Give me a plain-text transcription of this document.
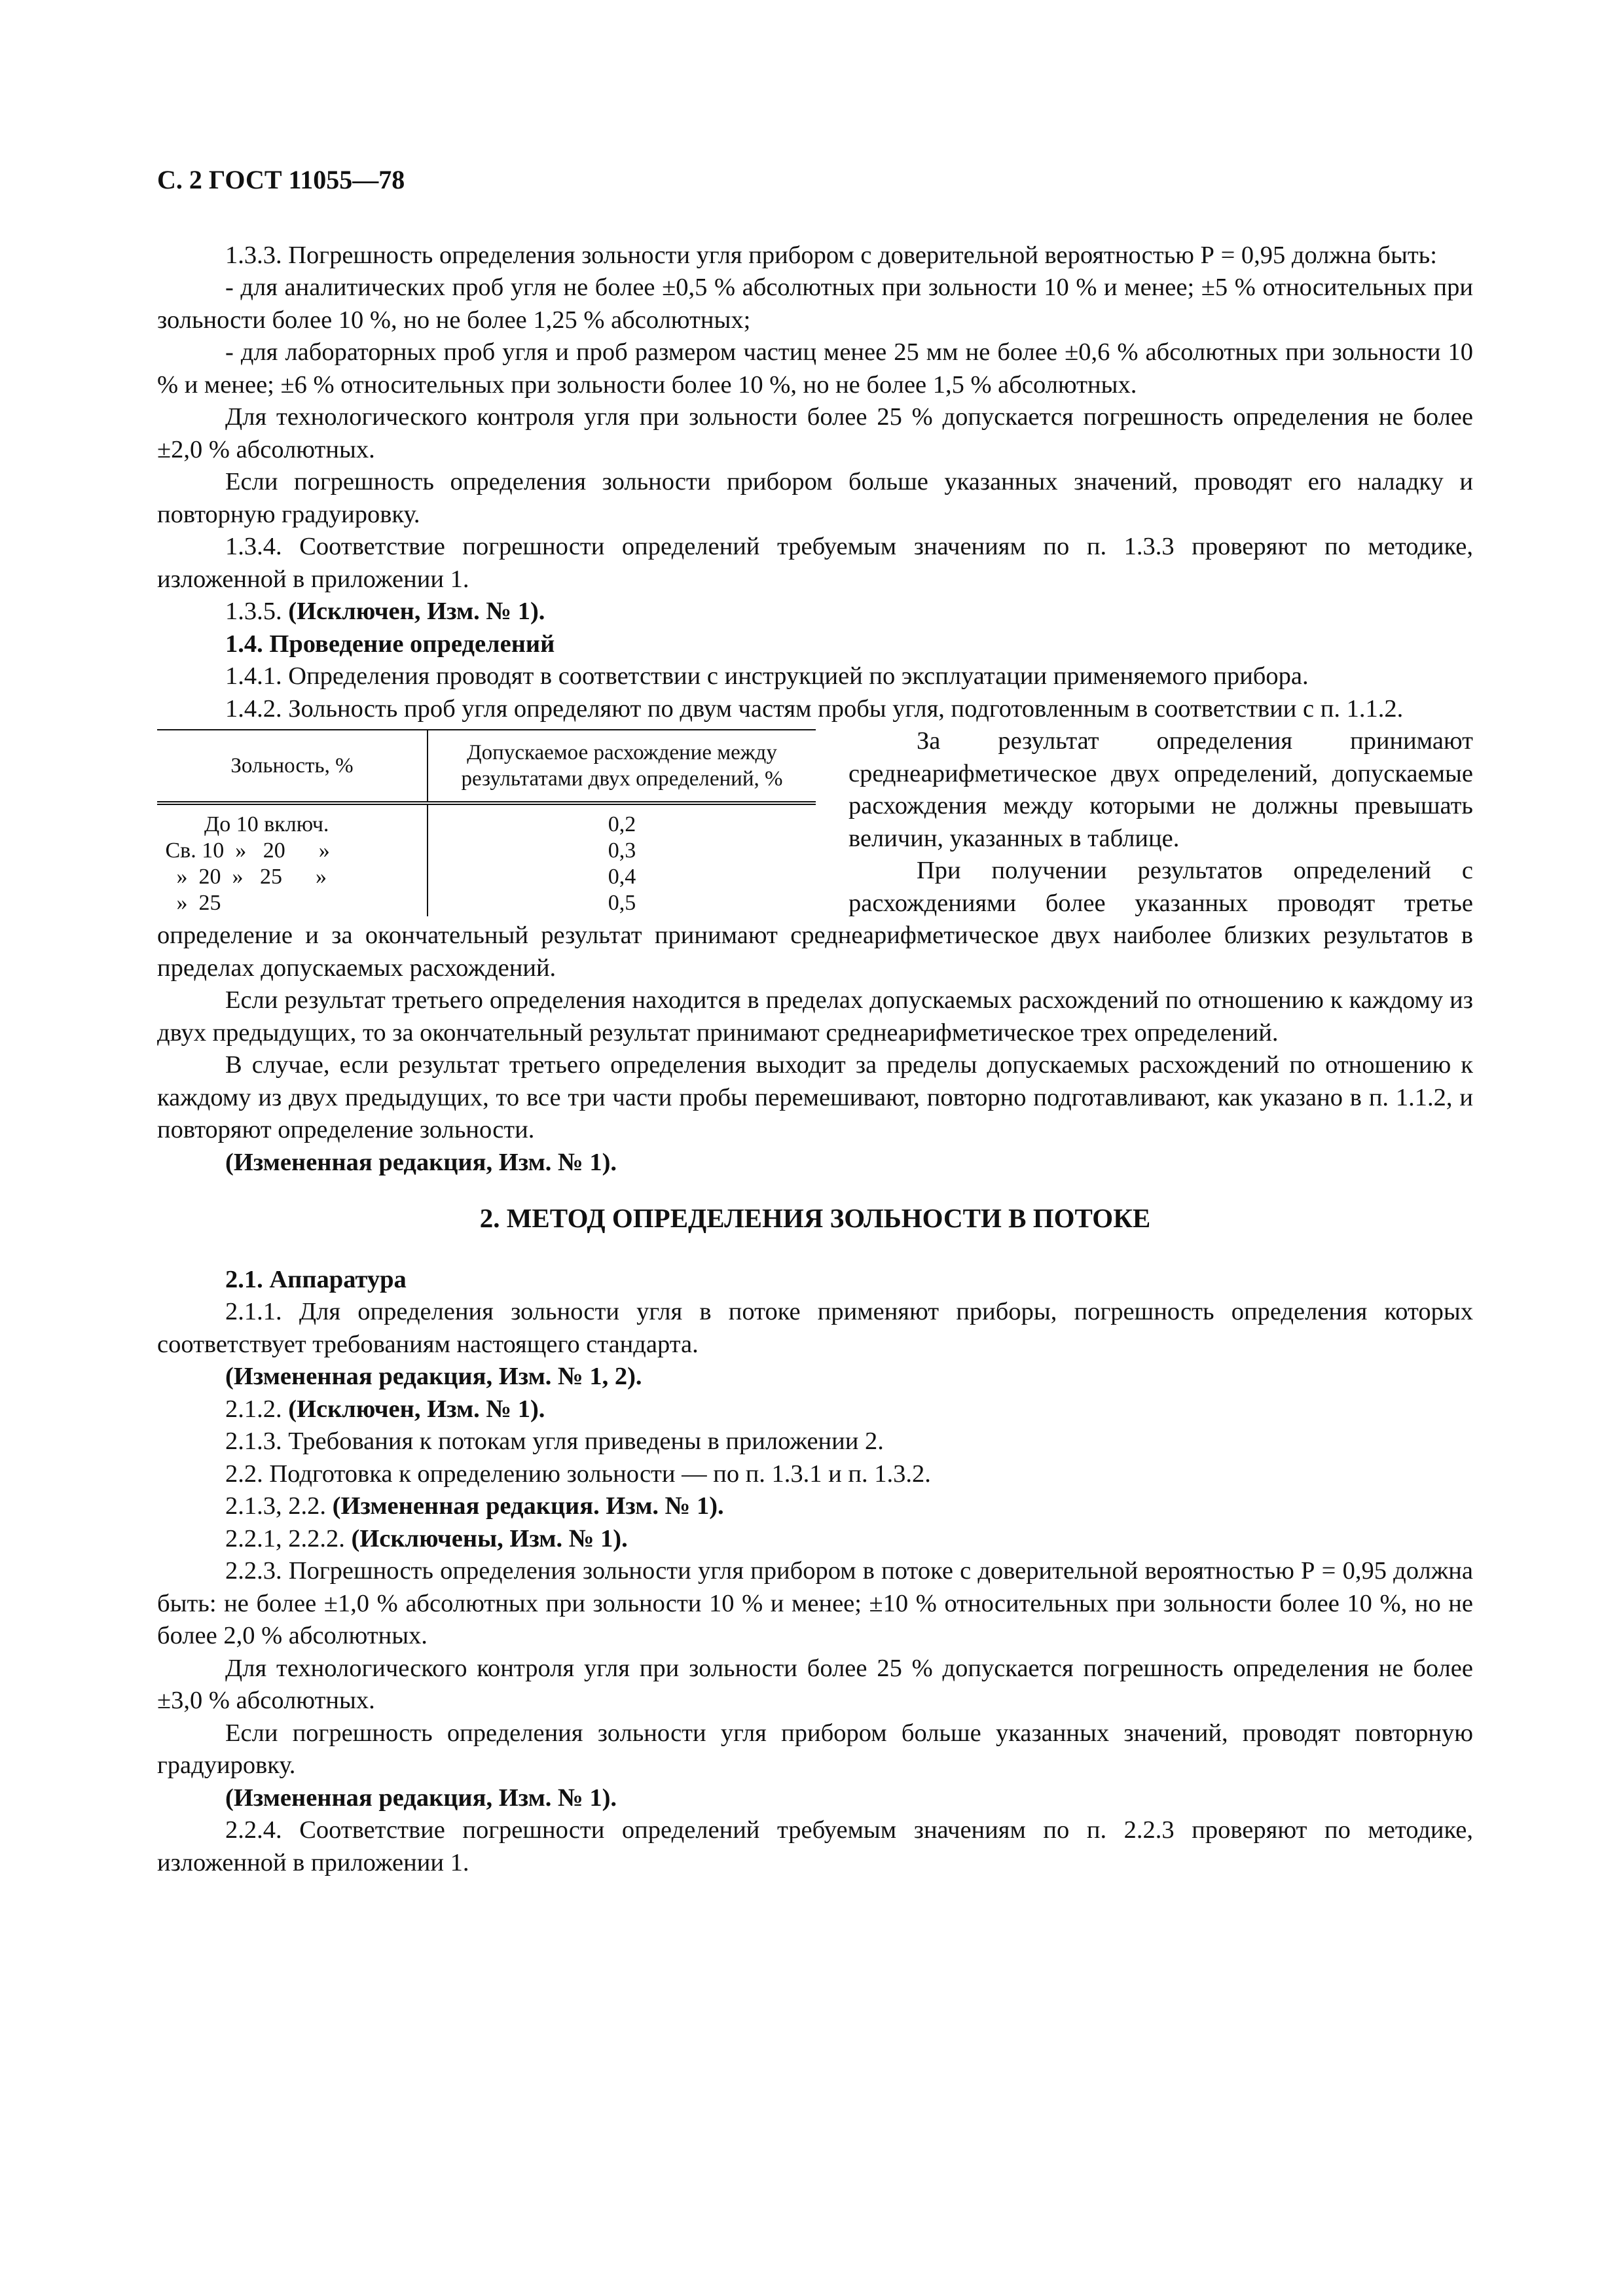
С. 2 ГОСТ 11055—78

1.3.3. Погрешность определения зольности угля прибором с доверительной вероятностью Р = 0,95 должна быть:

- для аналитических проб угля не более ±0,5 % абсолютных при зольности 10 % и менее; ±5 % относительных при зольности более 10 %, но не более 1,25 % абсолютных;

- для лабораторных проб угля и проб размером частиц менее 25 мм не более ±0,6 % абсолютных при зольности 10 % и менее; ±6 % относительных при зольности более 10 %, но не более 1,5 % абсолютных.

Для технологического контроля угля при зольности более 25 % допускается погрешность определения не более ±2,0 % абсолютных.

Если погрешность определения зольности прибором больше указанных значений, проводят его наладку и повторную градуировку.

1.3.4. Соответствие погрешности определений требуемым значениям по п. 1.3.3 проверяют по методике, изложенной в приложении 1.

1.3.5. (Исключен, Изм. № 1).

1.4. Проведение определений

1.4.1. Определения проводят в соответствии с инструкцией по эксплуатации применяемого прибора.

1.4.2. Зольность проб угля определяют по двум частям пробы угля, подготовленным в соответствии с п. 1.1.2.

Зольность, %	Допускаемое расхождение между результатами двух определений, %
До 10 включ.	0,2
Св. 10  »   20      »	0,3
»  20  »   25      »	0,4
»  25	0,5

За результат определения принимают среднеарифметическое двух определений, допускаемые расхождения между которыми не должны превышать величин, указанных в таблице.

При получении результатов определений с расхождениями более указанных проводят третье определение и за окончательный результат принимают среднеарифметическое двух наиболее близких результатов в пределах допускаемых расхождений.

Если результат третьего определения находится в пределах допускаемых расхождений по отношению к каждому из двух предыдущих, то за окончательный результат принимают среднеарифметическое трех определений.

В случае, если результат третьего определения выходит за пределы допускаемых расхождений по отношению к каждому из двух предыдущих, то все три части пробы перемешивают, повторно подготавливают, как указано в п. 1.1.2, и повторяют определение зольности.

(Измененная редакция, Изм. № 1).

2. МЕТОД ОПРЕДЕЛЕНИЯ ЗОЛЬНОСТИ В ПОТОКЕ

2.1. Аппаратура

2.1.1. Для определения зольности угля в потоке применяют приборы, погрешность определения которых соответствует требованиям настоящего стандарта.

(Измененная редакция, Изм. № 1, 2).

2.1.2. (Исключен, Изм. № 1).

2.1.3. Требования к потокам угля приведены в приложении 2.

2.2. Подготовка к определению зольности — по п. 1.3.1 и п. 1.3.2.

2.1.3, 2.2. (Измененная редакция. Изм. № 1).

2.2.1, 2.2.2. (Исключены, Изм. № 1).

2.2.3. Погрешность определения зольности угля прибором в потоке с доверительной вероятностью Р = 0,95 должна быть: не более ±1,0 % абсолютных при зольности 10 % и менее; ±10 % относительных при зольности более 10 %, но не более 2,0 % абсолютных.

Для технологического контроля угля при зольности более 25 % допускается погрешность определения не более ±3,0 % абсолютных.

Если погрешность определения зольности угля прибором больше указанных значений, проводят повторную градуировку.

(Измененная редакция, Изм. № 1).

2.2.4. Соответствие погрешности определений требуемым значениям по п. 2.2.3 проверяют по методике, изложенной в приложении 1.
